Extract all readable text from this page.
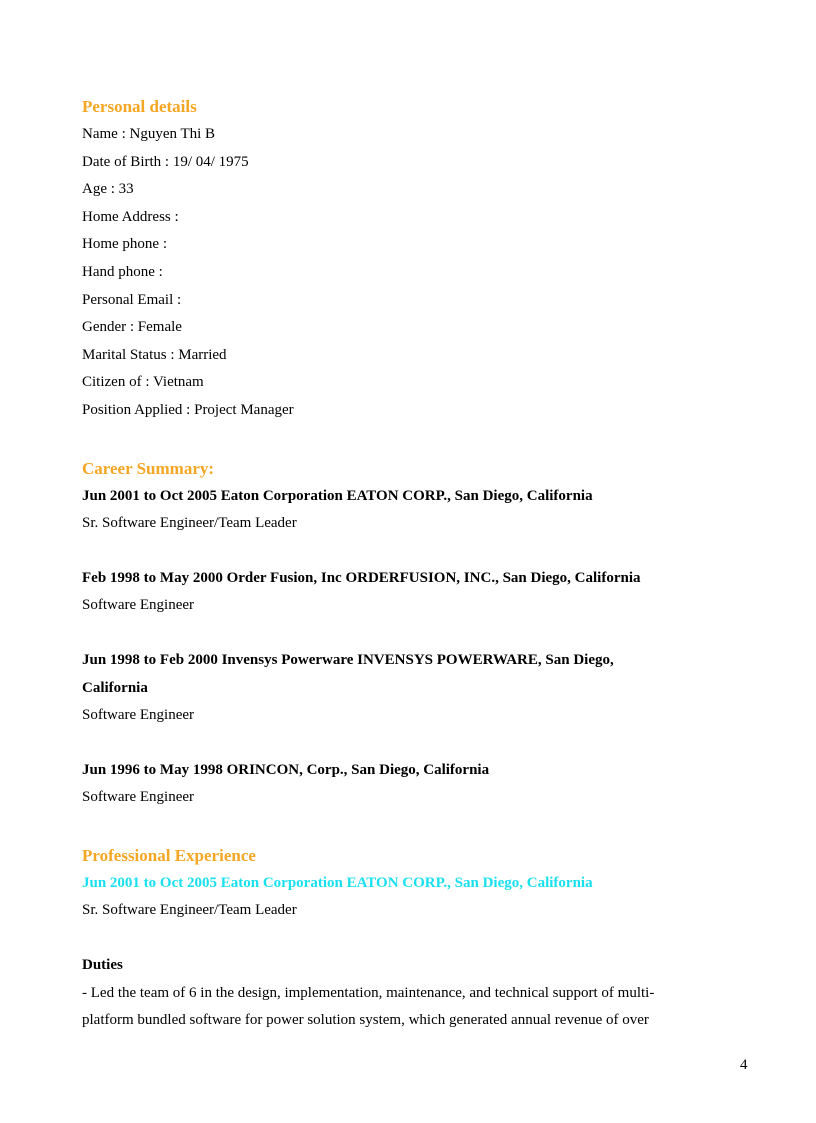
Personal details
Name : Nguyen Thi B
Date of Birth : 19/ 04/ 1975
Age : 33
Home Address :
Home phone :
Hand phone :
Personal Email :
Gender : Female
Marital Status : Married
Citizen of : Vietnam
Position Applied : Project Manager
Career Summary:
Jun 2001 to Oct 2005 Eaton Corporation EATON CORP., San Diego, California
Sr. Software Engineer/Team Leader
Feb 1998 to May 2000 Order Fusion, Inc ORDERFUSION, INC., San Diego, California
Software Engineer
Jun 1998 to Feb 2000 Invensys Powerware INVENSYS POWERWARE, San Diego,
California
Software Engineer
Jun 1996 to May 1998 ORINCON, Corp., San Diego, California
Software Engineer
Professional Experience
Jun 2001 to Oct 2005 Eaton Corporation EATON CORP., San Diego, California
Sr. Software Engineer/Team Leader
Duties
- Led the team of 6 in the design, implementation, maintenance, and technical support of multi-
platform bundled software for power solution system, which generated annual revenue of over
4
